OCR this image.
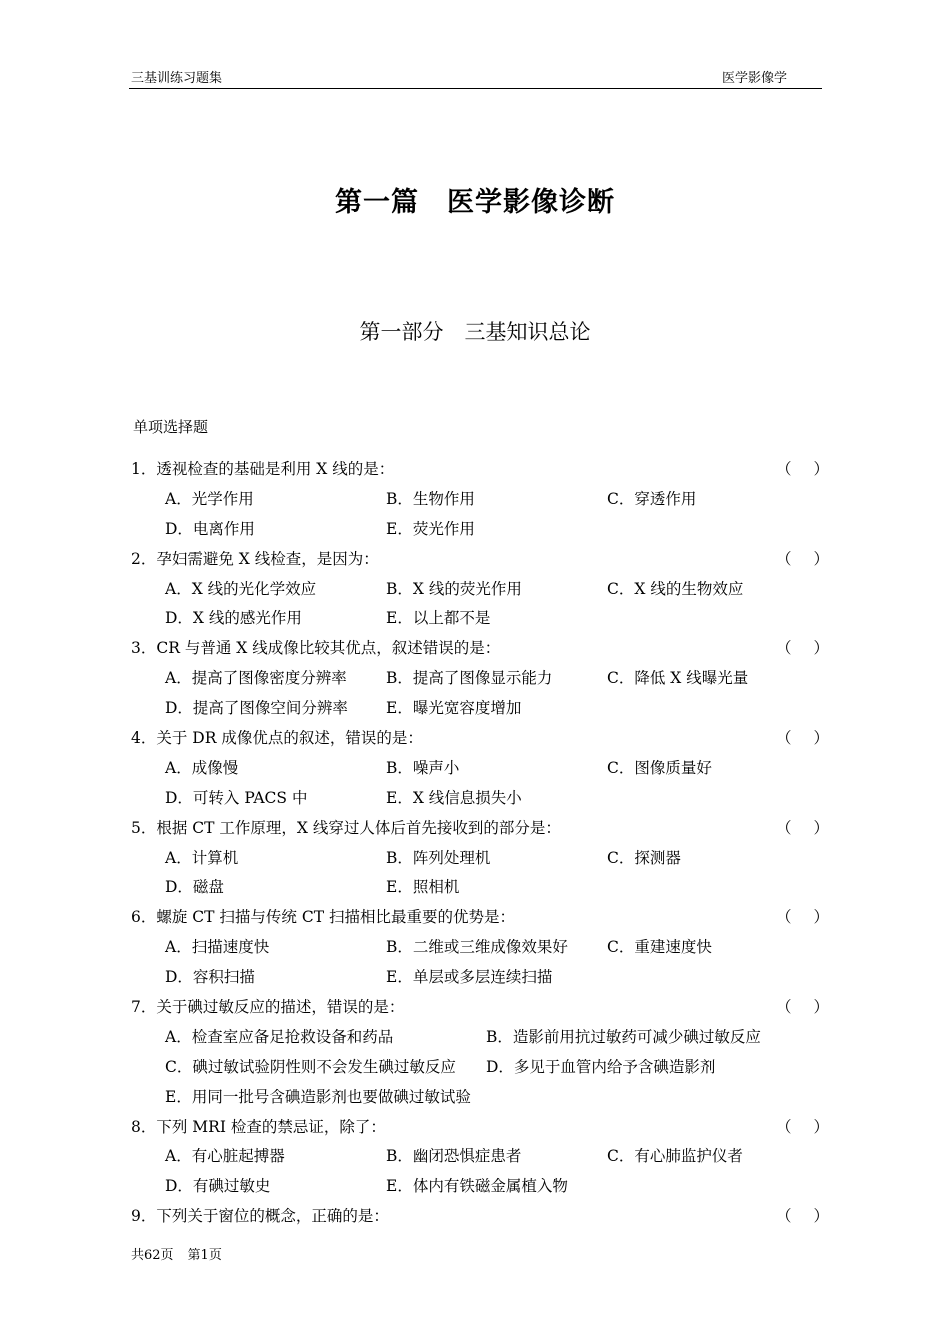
三基训练习题集	医学影像学
第一篇　医学影像诊断
第一部分　三基知识总论
单项选择题
1．透视检查的基础是利用 X 线的是：	（ ）
A．光学作用	B．生物作用	C．穿透作用
D．电离作用	E．荧光作用
2．孕妇需避免 X 线检查，是因为：	（ ）
A．X 线的光化学效应	B．X 线的荧光作用	C．X 线的生物效应
D．X 线的感光作用	E．以上都不是
3．CR 与普通 X 线成像比较其优点，叙述错误的是：	（ ）
A．提高了图像密度分辨率	B．提高了图像显示能力	C．降低 X 线曝光量
D．提高了图像空间分辨率 E．曝光宽容度增加
4．关于 DR 成像优点的叙述，错误的是：	（ ）
A．成像慢	B．噪声小	C．图像质量好
D．可转入 PACS 中	E．X 线信息损失小
5．根据 CT 工作原理，X 线穿过人体后首先接收到的部分是：	（ ）
A．计算机	B．阵列处理机	C．探测器
D．磁盘	E．照相机
6．螺旋 CT 扫描与传统 CT 扫描相比最重要的优势是：	（ ）
A．扫描速度快	B．二维或三维成像效果好	C．重建速度快
D．容积扫描	E．单层或多层连续扫描
7．关于碘过敏反应的描述，错误的是：	（ ）
A．检查室应备足抢救设备和药品	B．造影前用抗过敏药可减少碘过敏反应
C．碘过敏试验阴性则不会发生碘过敏反应 D．多见于血管内给予含碘造影剂
E．用同一批号含碘造影剂也要做碘过敏试验
8．下列 MRI 检查的禁忌证，除了：	（ ）
A．有心脏起搏器	B．幽闭恐惧症患者	C．有心肺监护仪者
D．有碘过敏史	E．体内有铁磁金属植入物
9．下列关于窗位的概念，正确的是：	（ ）
共62页 第1页
